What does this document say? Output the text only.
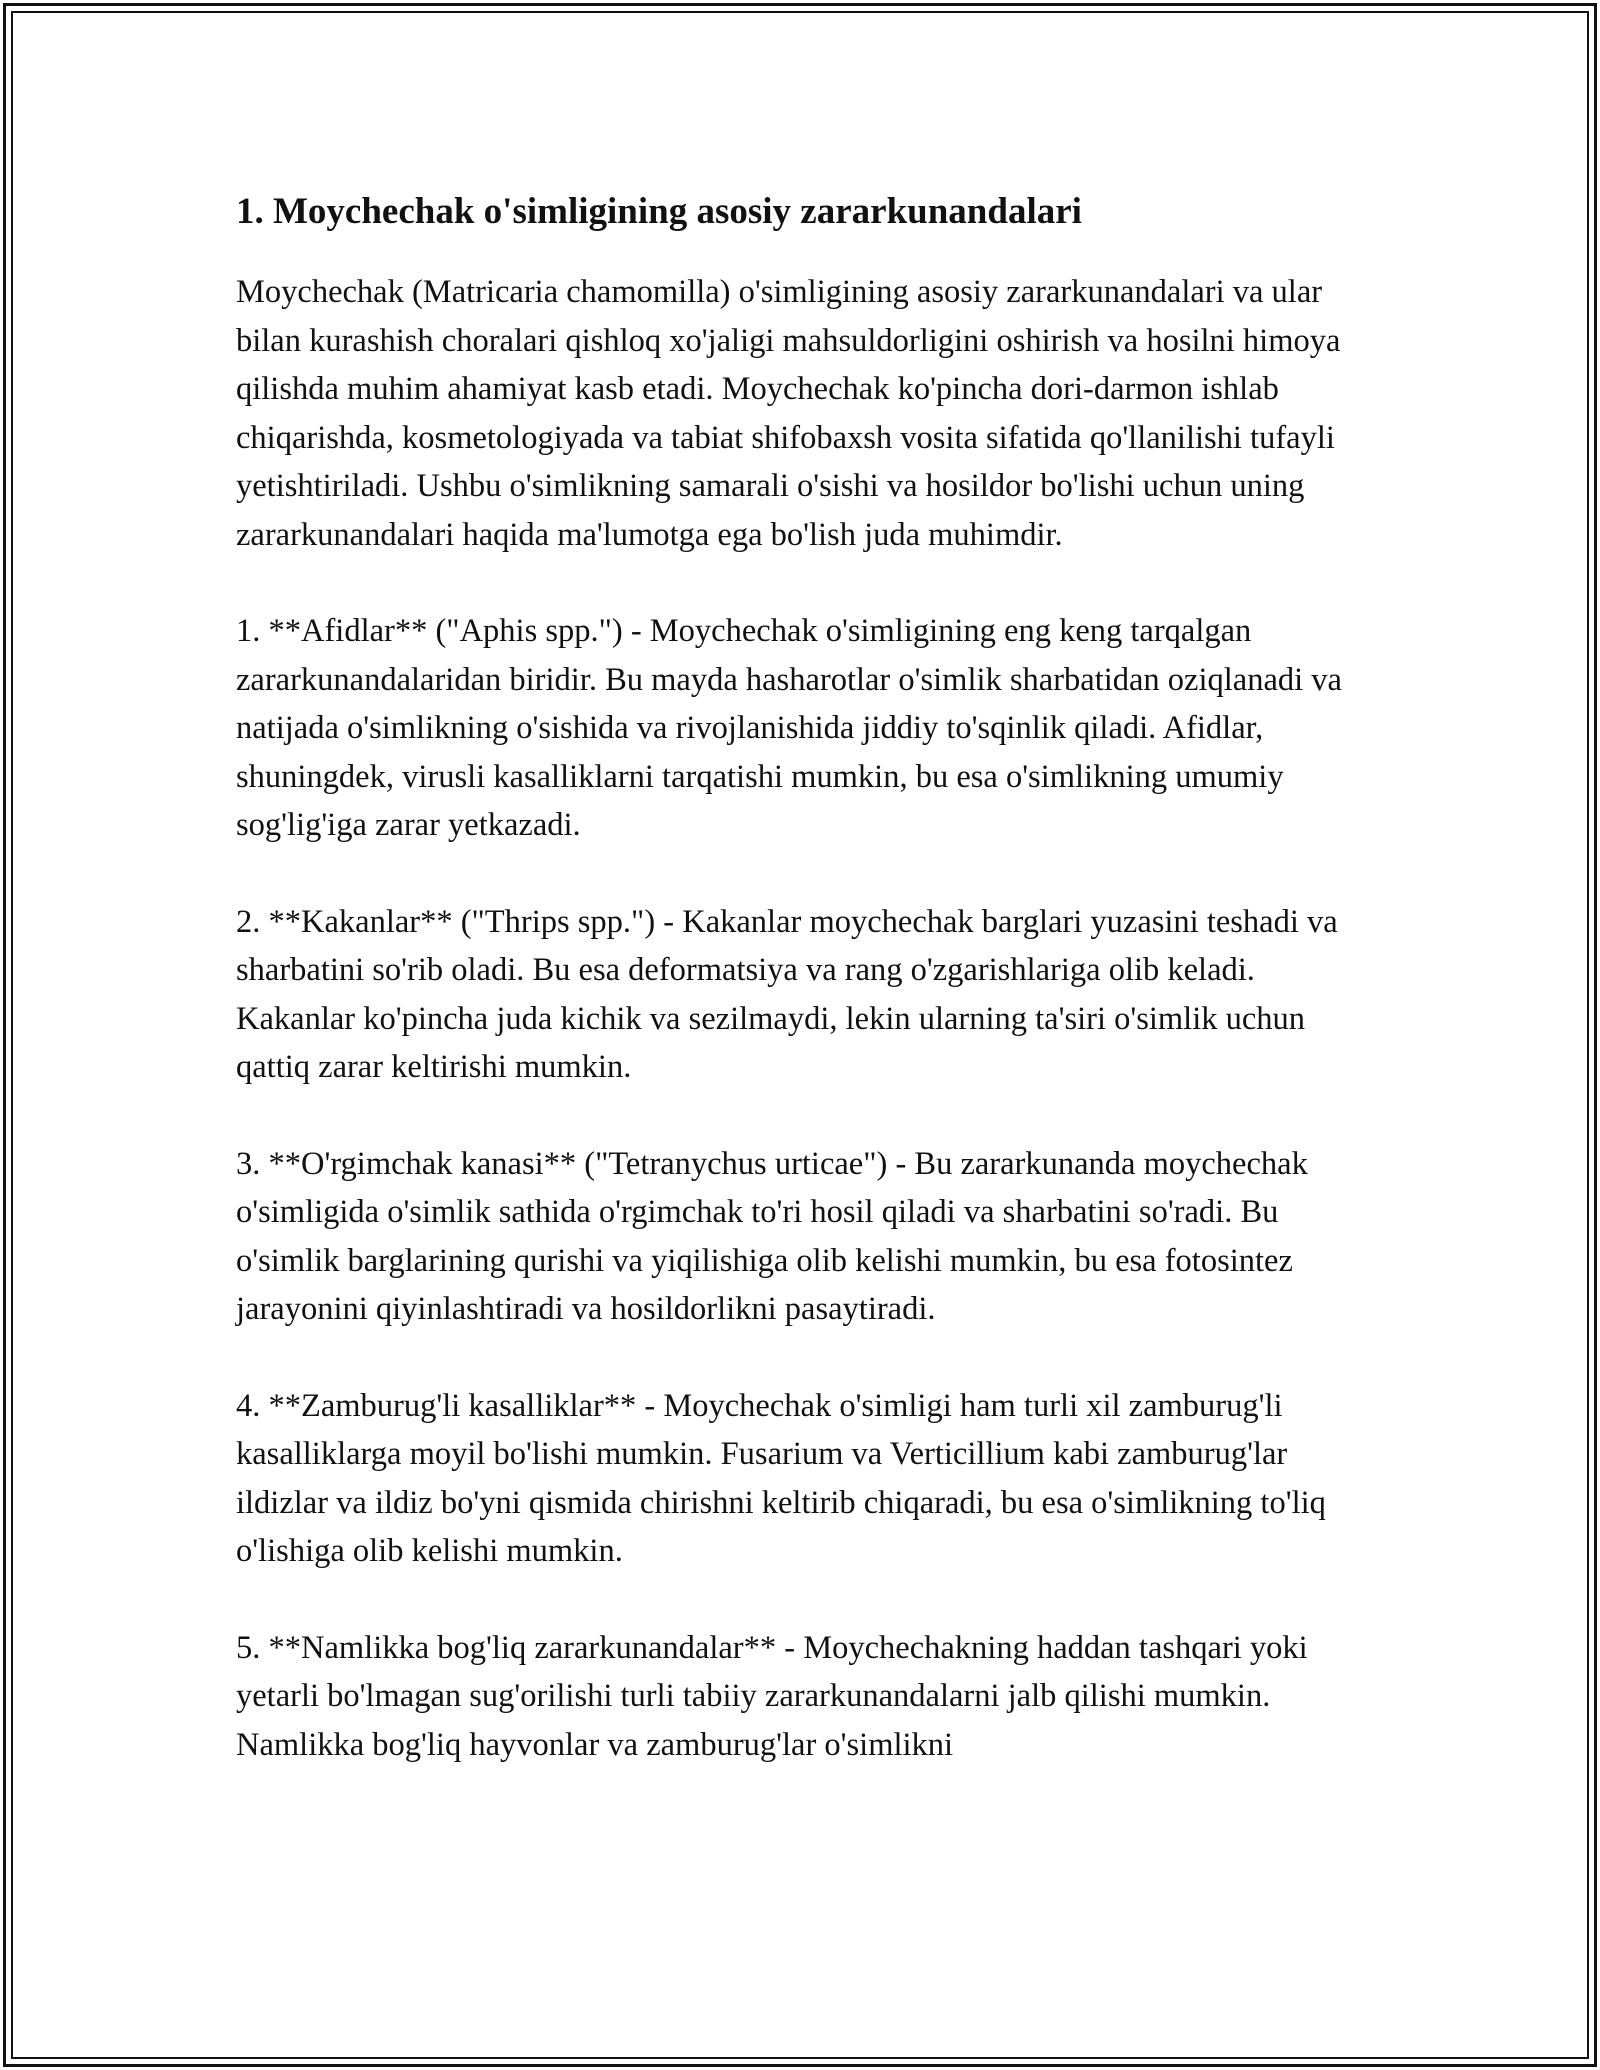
1. Moychechak o'simligining asosiy zararkunandalari

Moychechak (Matricaria chamomilla) o'simligining asosiy zararkunandalari va ular bilan kurashish choralari qishloq xo'jaligi mahsuldorligini oshirish va hosilni himoya qilishda muhim ahamiyat kasb etadi. Moychechak ko'pincha dori-darmon ishlab chiqarishda, kosmetologiyada va tabiat shifobaxsh vosita sifatida qo'llanilishi tufayli yetishtiriladi. Ushbu o'simlikning samarali o'sishi va hosildor bo'lishi uchun uning zararkunandalari haqida ma'lumotga ega bo'lish juda muhimdir.

1. **Afidlar** ("Aphis spp.") - Moychechak o'simligining eng keng tarqalgan zararkunandalaridan biridir. Bu mayda hasharotlar o'simlik sharbatidan oziqlanadi va natijada o'simlikning o'sishida va rivojlanishida jiddiy to'sqinlik qiladi. Afidlar, shuningdek, virusli kasalliklarni tarqatishi mumkin, bu esa o'simlikning umumiy sog'lig'iga zarar yetkazadi.

2. **Kakanlar** ("Thrips spp.") - Kakanlar moychechak barglari yuzasini teshadi va sharbatini so'rib oladi. Bu esa deformatsiya va rang o'zgarishlariga olib keladi. Kakanlar ko'pincha juda kichik va sezilmaydi, lekin ularning ta'siri o'simlik uchun qattiq zarar keltirishi mumkin.

3. **O'rgimchak kanasi** ("Tetranychus urticae") - Bu zararkunanda moychechak o'simligida o'simlik sathida o'rgimchak to'ri hosil qiladi va sharbatini so'radi. Bu o'simlik barglarining qurishi va yiqilishiga olib kelishi mumkin, bu esa fotosintez jarayonini qiyinlashtiradi va hosildorlikni pasaytiradi.

4. **Zamburug'li kasalliklar** - Moychechak o'simligi ham turli xil zamburug'li kasalliklarga moyil bo'lishi mumkin. Fusarium va Verticillium kabi zamburug'lar ildizlar va ildiz bo'yni qismida chirishni keltirib chiqaradi, bu esa o'simlikning to'liq o'lishiga olib kelishi mumkin.

5. **Namlikka bog'liq zararkunandalar** - Moychechakning haddan tashqari yoki yetarli bo'lmagan sug'orilishi turli tabiiy zararkunandalarni jalb qilishi mumkin. Namlikka bog'liq hayvonlar va zamburug'lar o'simlikni
